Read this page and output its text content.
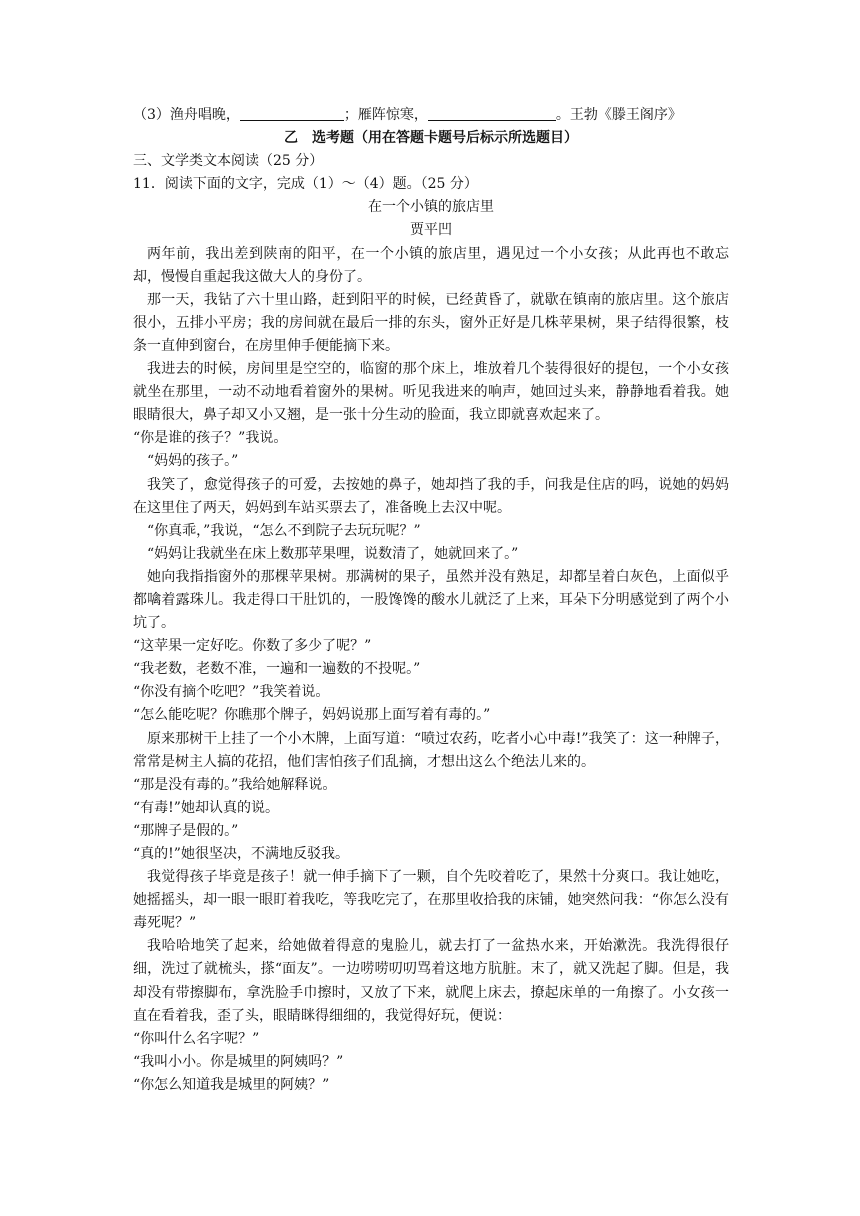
（3）渔舟唱晚，	；雁阵惊寒，	。王勃《滕王阁序》
乙　选考题（用在答题卡题号后标示所选题目）
三、文学类文本阅读（25 分）
11．阅读下面的文字，完成（1）～（4）题。（25 分）
在一个小镇的旅店里
贾平凹

两年前，我出差到陕南的阳平，在一个小镇的旅店里，遇见过一个小女孩；从此再也不敢忘却，慢慢自重起我这做大人的身份了。

那一天，我钻了六十里山路，赶到阳平的时候，已经黄昏了，就歇在镇南的旅店里。这个旅店很小，五排小平房；我的房间就在最后一排的东头，窗外正好是几株苹果树，果子结得很繁，枝条一直伸到窗台，在房里伸手便能摘下来。

我进去的时候，房间里是空空的，临窗的那个床上，堆放着几个装得很好的提包，一个小女孩就坐在那里，一动不动地看着窗外的果树。听见我进来的响声，她回过头来，静静地看着我。她眼睛很大，鼻子却又小又翘，是一张十分生动的脸面，我立即就喜欢起来了。

“你是谁的孩子？”我说。

“妈妈的孩子。”

我笑了，愈觉得孩子的可爱，去按她的鼻子，她却挡了我的手，问我是住店的吗，说她的妈妈在这里住了两天，妈妈到车站买票去了，准备晚上去汉中呢。

“你真乖，”我说，“怎么不到院子去玩玩呢？”

“妈妈让我就坐在床上数那苹果哩，说数清了，她就回来了。”

她向我指指窗外的那棵苹果树。那满树的果子，虽然并没有熟足，却都呈着白灰色，上面似乎都噙着露珠儿。我走得口干肚饥的，一股馋馋的酸水儿就泛了上来，耳朵下分明感觉到了两个小坑了。

“这苹果一定好吃。你数了多少了呢？”

“我老数，老数不准，一遍和一遍数的不投呢。”

“你没有摘个吃吧？”我笑着说。

“怎么能吃呢？你瞧那个牌子，妈妈说那上面写着有毒的。”

原来那树干上挂了一个小木牌，上面写道：“喷过农药，吃者小心中毒!”我笑了：这一种牌子，常常是树主人搞的花招，他们害怕孩子们乱摘，才想出这么个绝法儿来的。

“那是没有毒的。”我给她解释说。

“有毒!”她却认真的说。

“那牌子是假的。”

“真的!”她很坚决，不满地反驳我。

我觉得孩子毕竟是孩子！就一伸手摘下了一颗，自个先咬着吃了，果然十分爽口。我让她吃，她摇摇头，却一眼一眼盯着我吃，等我吃完了，在那里收拾我的床铺，她突然问我：“你怎么没有毒死呢？”

我哈哈地笑了起来，给她做着得意的鬼脸儿，就去打了一盆热水来，开始漱洗。我洗得很仔细，洗过了就梳头，搽“面友”。一边唠唠叨叨骂着这地方肮脏。末了，就又洗起了脚。但是，我却没有带擦脚布，拿洗脸手巾擦时，又放了下来，就爬上床去，撩起床单的一角擦了。小女孩一直在看着我，歪了头，眼睛眯得细细的，我觉得好玩，便说：

“你叫什么名字呢？”

“我叫小小。你是城里的阿姨吗？”

“你怎么知道我是城里的阿姨？”
